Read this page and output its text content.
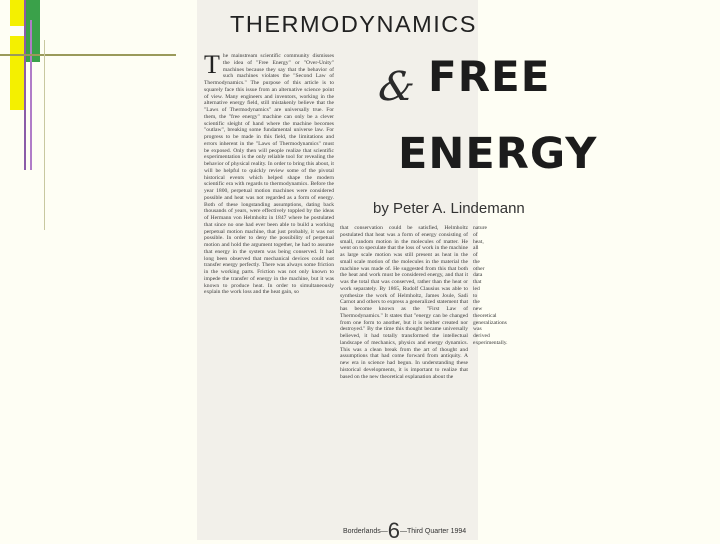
THERMODYNAMICS
& FREE
ENERGY
by Peter A. Lindemann
T he mainstream scientific community dismisses the idea of "Free Energy" or "Over-Unity" machines because they say that the behavior of such machines violates the "Second Law of Thermodynamics." The purpose of this article is to squarely face this issue from an alternative science point of view. Many engineers and inventors, working in the alternative energy field, still mistakenly believe that the "Laws of Thermodynamics" are universally true. For them, the "free energy" machine can only be a clever scientific sleight of hand where the machine becomes "outlaw", breaking some fundamental universe law. For progress to be made in this field, the limitations and errors inherent in the "Laws of Thermodynamics" must be exposed. Only then will people realize that scientific experimentation is the only reliable tool for revealing the behavior of physical reality. In order to bring this about, it will be helpful to quickly review some of the pivotal historical events which helped shape the modern scientific era with regards to thermodynamics. Before the year 1800, perpetual motion machines were considered possible and heat was not regarded as a form of energy. Both of these longstanding assumptions, dating back thousands of years, were effectively toppled by the ideas of Hermann von Helmholtz in 1847 where he postulated that since no one had ever been able to build a working perpetual motion machine, that just probably, it was not possible. In order to deny the possibility of perpetual motion and hold the argument together, he had to assume that energy in the system was being conserved. It had long been observed that mechanical devices could not transfer energy perfectly. There was always some friction in the working parts. Friction was not only known to impede the transfer of energy in the machine, but it was known to produce heat. In order to simultaneously explain the work loss and the heat gain, so

that conservation could be satisfied, Helmholtz postulated that heat was a form of energy consisting of small, random motion in the molecules of matter. He went on to speculate that the loss of work in the machine as large scale motion was still present as heat in the small scale motion of the molecules in the material the machine was made of. He suggested from this that both the heat and work must be considered energy, and that it was the total that was conserved, rather than the heat or work separately. By 1865, Rudolf Clausius was able to synthesize the work of Helmholtz, James Joule, Sadi Carnot and others to express a generalized statement that has become known as the "First Law of Thermodynamics." It states that "energy can be changed from one form to another, but it is neither created nor destroyed." By the time this thought became universally believed, it had totally transformed the intellectual landscape of mechanics, physics and energy dynamics. This was a clean break from the art of thought and assumptions that had come forward from antiquity. A new era in science had begun. In understanding these historical developments, it is important to realize that based on the new theoretical explanation about the

nature of heat, all of the other data that led to the new theoretical generalizations was derived experimentally.

Borderlands—6—Third Quarter 1994
